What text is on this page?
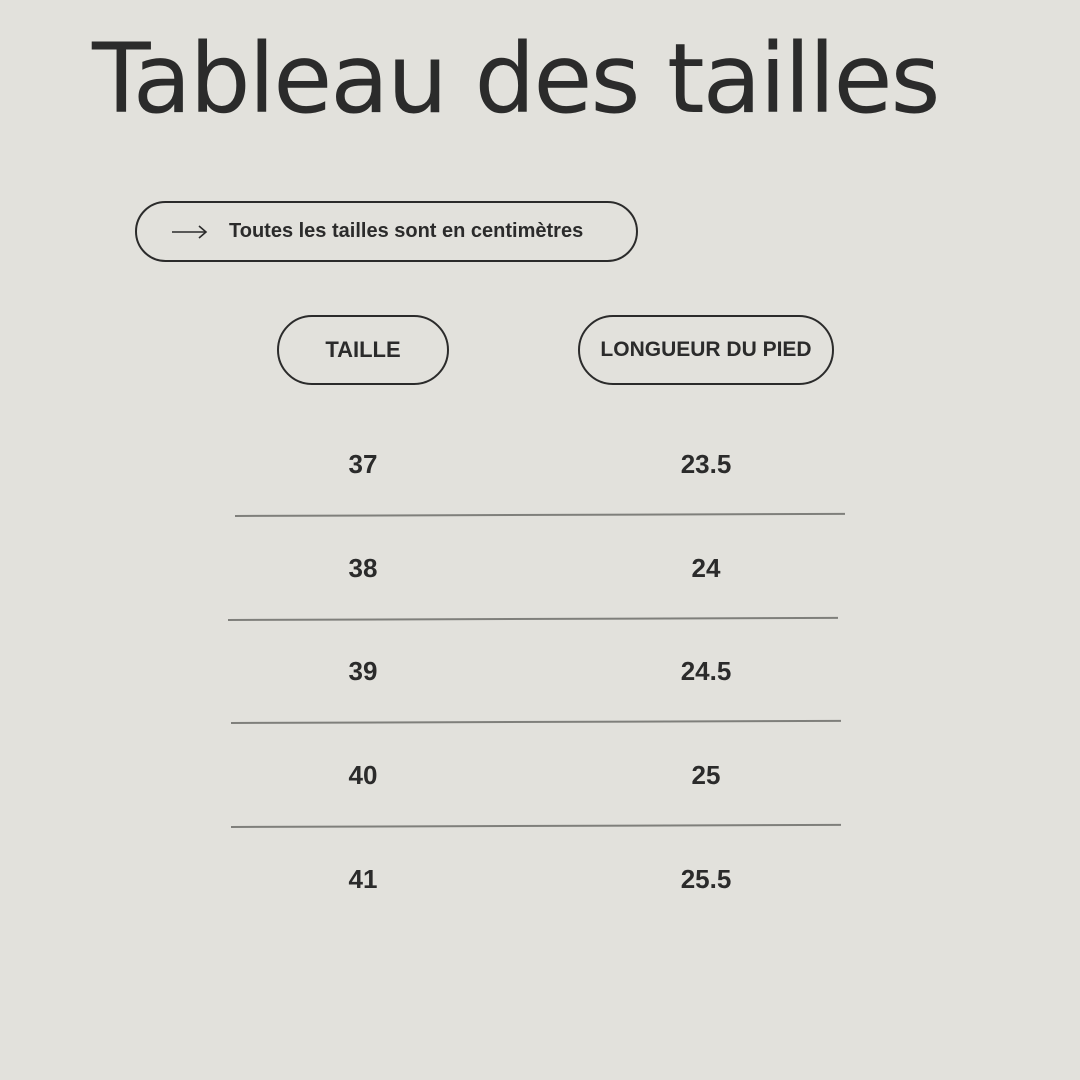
Tableau des tailles
Toutes les tailles sont en centimètres
TAILLE	LONGUEUR DU PIED
37	23.5
38	24
39	24.5
40	25
41	25.5
